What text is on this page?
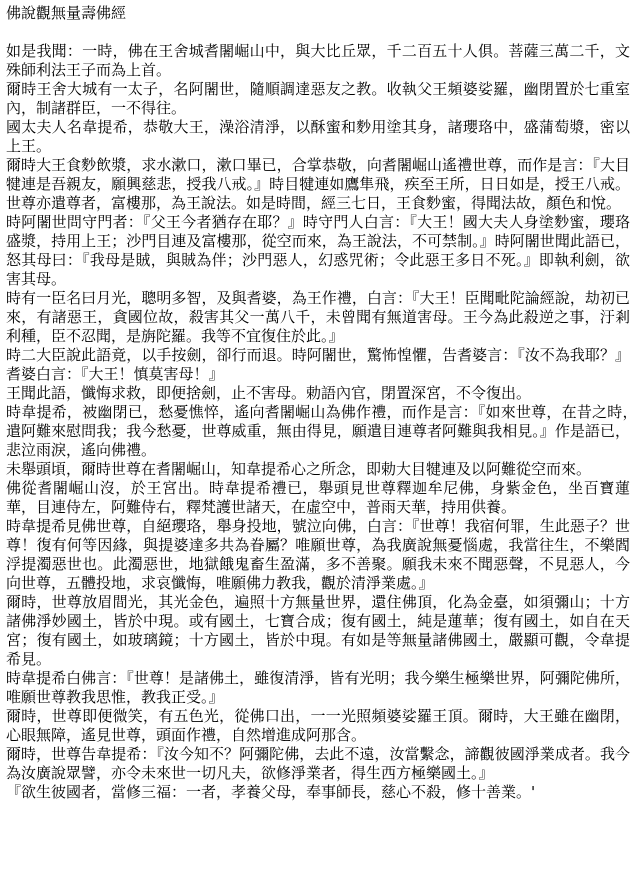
佛說觀無量壽佛經

如是我聞：一時，佛在王舍城耆闍崛山中，與大比丘眾，千二百五十人俱。菩薩三萬二千，文殊師利法王子而為上首。

爾時王舍大城有一太子，名阿闍世，隨順調達惡友之教。收執父王頻婆娑羅，幽閉置於七重室內，制諸群臣，一不得往。

國太夫人名韋提希，恭敬大王，澡浴清淨，以酥蜜和麨用塗其身，諸瓔珞中，盛蒲萄漿，密以上王。

爾時大王食麨飲漿，求水漱口，漱口畢已，合掌恭敬，向耆闍崛山遙禮世尊，而作是言：『大目犍連是吾親友，願興慈悲，授我八戒。』時目犍連如鷹隼飛，疾至王所，日日如是，授王八戒。世尊亦遣尊者，富樓那，為王說法。如是時間，經三七日，王食麨蜜，得聞法故，顏色和悅。

時阿闍世問守門者：『父王今者猶存在耶？』時守門人白言：『大王！國大夫人身塗麨蜜，瓔珞盛漿，持用上王；沙門目連及富樓那，從空而來，為王說法，不可禁制。』時阿闍世聞此語已，怒其母曰：『我母是賊，與賊為伴；沙門惡人，幻惑咒術；令此惡王多日不死。』即執利劍，欲害其母。

時有一臣名曰月光，聰明多智，及與耆婆，為王作禮，白言：『大王！臣聞毗陀論經說，劫初已來，有諸惡王，貪國位故，殺害其父一萬八千，未曾聞有無道害母。王今為此殺逆之事，汙剎利種，臣不忍聞，是旃陀羅。我等不宜復住於此。』

時二大臣說此語竟，以手按劍，卻行而退。時阿闍世，驚怖惶懼，告耆婆言：『汝不為我耶？』耆婆白言：『大王！慎莫害母！』

王聞此語，懺悔求救，即便捨劍，止不害母。勅語內官，閉置深宮，不令復出。

時韋提希，被幽閉已，愁憂憔悴，遙向耆闍崛山為佛作禮，而作是言：『如來世尊，在昔之時，　遣阿難來慰問我；我今愁憂，世尊威重，無由得見，願遣目連尊者阿難與我相見。』作是語已，悲泣雨淚，遙向佛禮。

未舉頭頃，爾時世尊在耆闍崛山，知韋提希心之所念，即勅大目犍連及以阿難從空而來。

佛從耆闍崛山沒，於王宮出。時韋提希禮已，舉頭見世尊釋迦牟尼佛，身紫金色，坐百寶蓮華，目連侍左，阿難侍右，釋梵護世諸天，在虛空中，普雨天華，持用供養。

時韋提希見佛世尊，自絕瓔珞，舉身投地，號泣向佛，白言：『世尊！我宿何罪，生此惡子？世尊！復有何等因緣，與提婆達多共為眷屬？唯願世尊，為我廣說無憂惱處，我當往生，不樂閻浮提濁惡世也。此濁惡世，地獄餓鬼畜生盈滿，多不善聚。願我未來不聞惡聲，不見惡人，今向世尊，五體投地，求哀懺悔，唯願佛力教我，觀於清淨業處。』

爾時，世尊放眉間光，其光金色，遍照十方無量世界，還住佛頂，化為金臺，如須彌山；十方諸佛淨妙國土，皆於中現。或有國土，七寶合成；復有國土，純是蓮華；復有國土，如自在天宮；復有國土，如玻璃鏡；十方國土，皆於中現。有如是等無量諸佛國土，嚴顯可觀，令韋提希見。

時韋提希白佛言：『世尊！是諸佛土，雖復清淨，皆有光明；我今樂生極樂世界，阿彌陀佛所，唯願世尊教我思惟，教我正受。』

爾時，世尊即便微笑，有五色光，從佛口出，一一光照頻婆娑羅王頂。爾時，大王雖在幽閉，心眼無障，遙見世尊，頭面作禮，自然增進成阿那含。

爾時，世尊告韋提希：『汝今知不？阿彌陀佛，去此不遠，汝當繫念，諦觀彼國淨業成者。我今為汝廣說眾譬，亦令未來世一切凡夫，欲修淨業者，得生西方極樂國土。』

『欲生彼國者，當修三福：一者，孝養父母，奉事師長，慈心不殺，修十善業。'
